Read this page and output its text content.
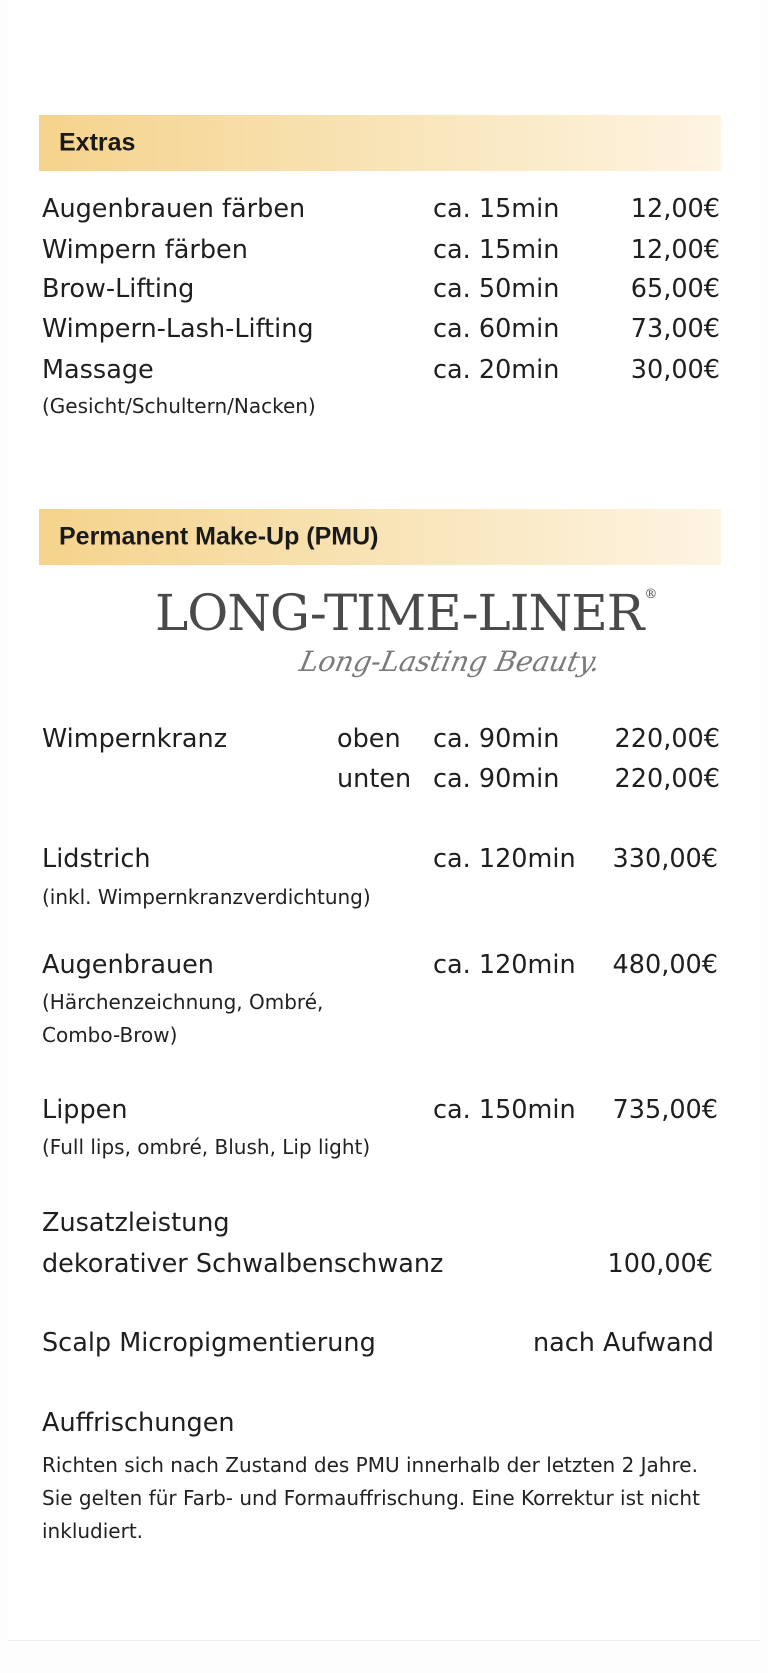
Extras
Augenbrauen färben	ca. 15min	12,00€
Wimpern färben	ca. 15min	12,00€
Brow-Lifting	ca. 50min	65,00€
Wimpern-Lash-Lifting	ca. 60min	73,00€
Massage	ca. 20min	30,00€
(Gesicht/Schultern/Nacken)
Permanent Make-Up (PMU)
LONG-TIME-LINER®
Long-Lasting Beauty.
Wimpernkranz	oben ca. 90min 220,00€
unten ca. 90min 220,00€
Lidstrich	ca. 120min 330,00€
(inkl. Wimpernkranzverdichtung)
Augenbrauen	ca. 120min 480,00€
(Härchenzeichnung, Ombré,
Combo-Brow)
Lippen	ca. 150min 735,00€
(Full lips, ombré, Blush, Lip light)
Zusatzleistung
dekorativer Schwalbenschwanz	100,00€
Scalp Micropigmentierung	nach Aufwand
Auffrischungen
Richten sich nach Zustand des PMU innerhalb der letzten 2 Jahre. Sie gelten für Farb- und Formauffrischung. Eine Korrektur ist nicht inkludiert.
